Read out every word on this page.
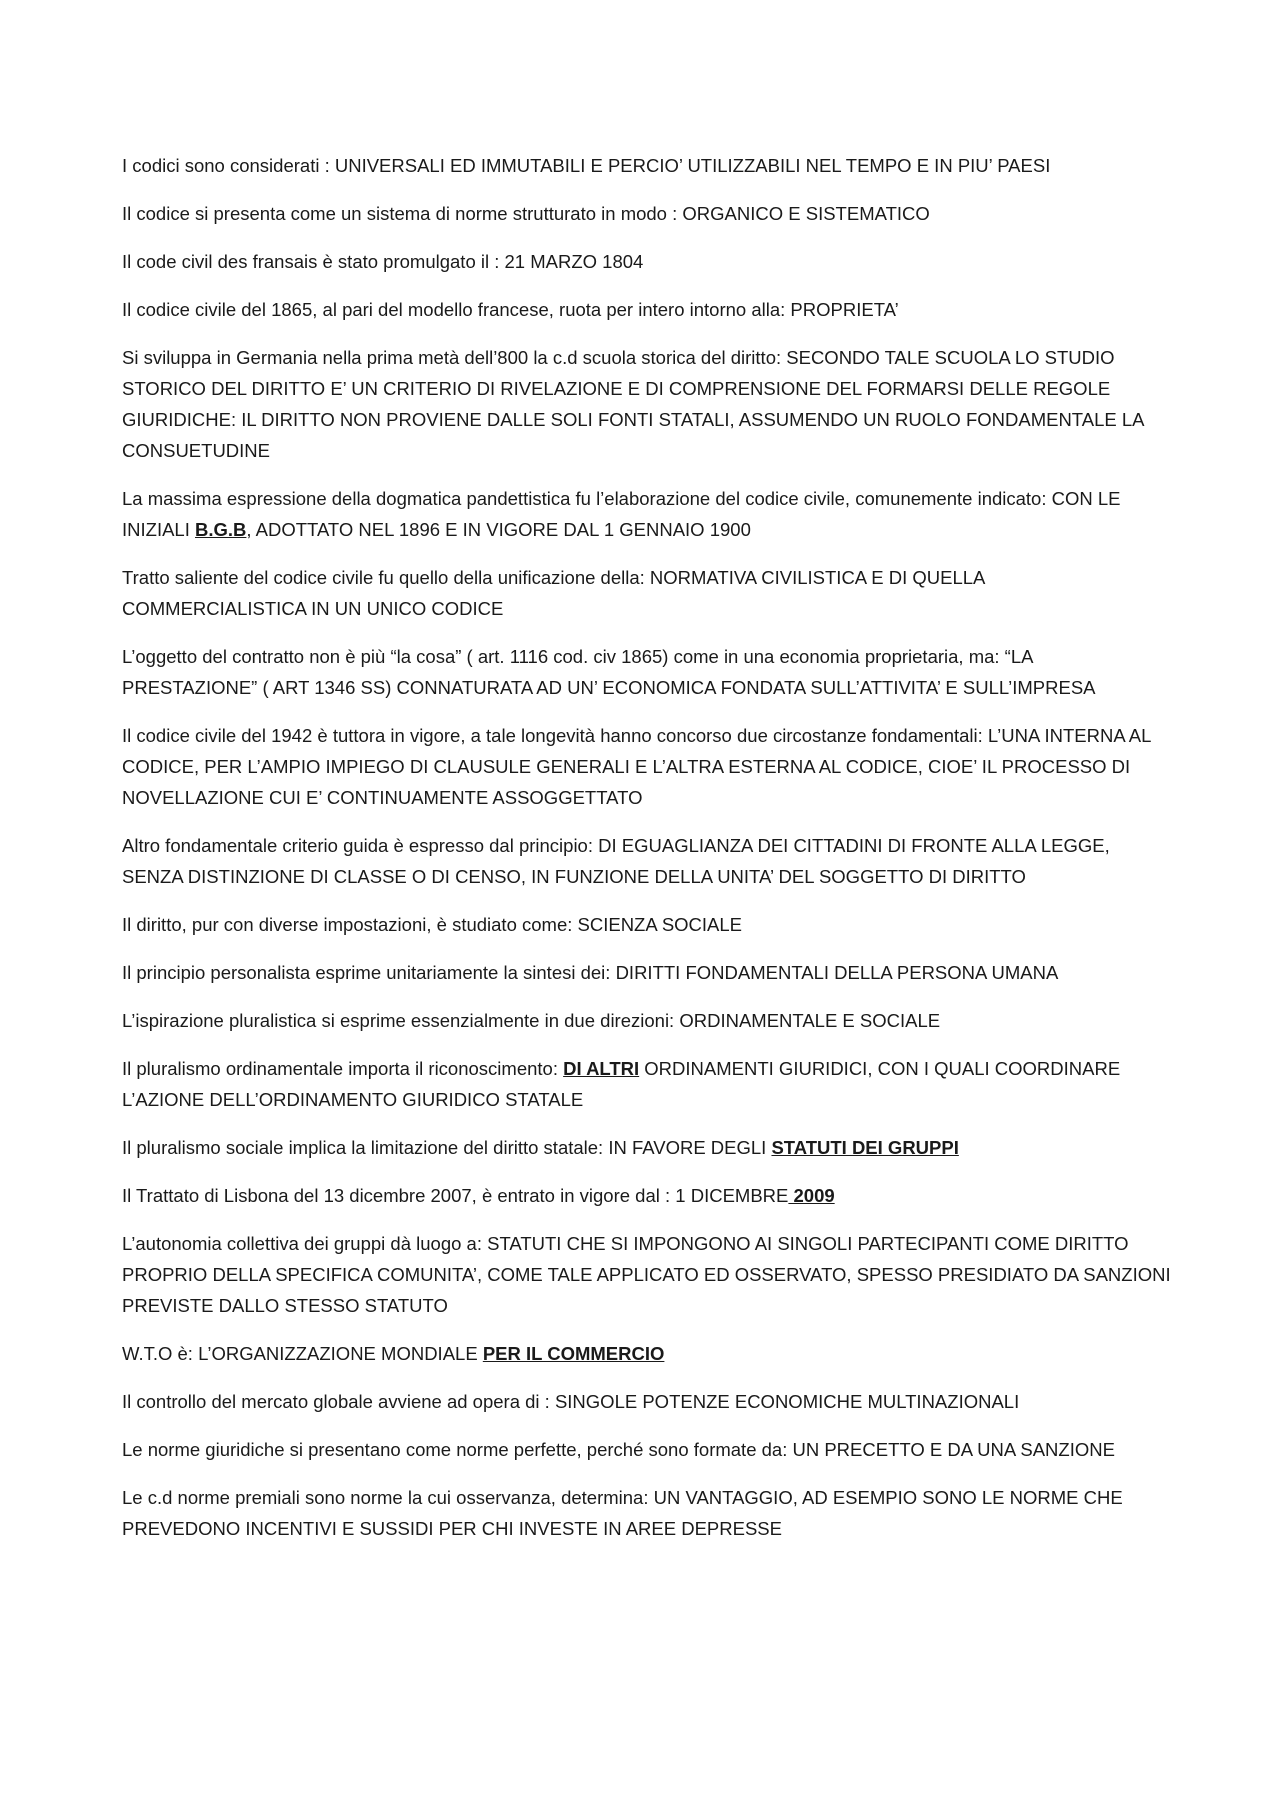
I codici sono considerati : UNIVERSALI ED IMMUTABILI E PERCIO’ UTILIZZABILI NEL TEMPO E IN PIU’ PAESI

Il codice si presenta come un sistema di norme strutturato in modo : ORGANICO E SISTEMATICO

Il code civil des fransais è stato promulgato il : 21 MARZO 1804

Il codice civile del 1865, al pari del modello francese, ruota per intero intorno alla: PROPRIETA’

Si sviluppa in Germania nella prima metà dell’800 la c.d scuola storica del diritto: SECONDO TALE SCUOLA LO STUDIO STORICO DEL DIRITTO E’ UN CRITERIO DI RIVELAZIONE E DI COMPRENSIONE DEL FORMARSI DELLE REGOLE GIURIDICHE: IL DIRITTO NON PROVIENE DALLE SOLI FONTI STATALI, ASSUMENDO UN RUOLO FONDAMENTALE LA CONSUETUDINE

La massima espressione della dogmatica pandettistica fu l’elaborazione del codice civile, comunemente indicato: CON LE INIZIALI B.G.B, ADOTTATO NEL 1896 E IN VIGORE DAL 1 GENNAIO 1900

Tratto saliente del codice civile fu quello della unificazione della: NORMATIVA CIVILISTICA E DI QUELLA COMMERCIALISTICA IN UN UNICO CODICE

L’oggetto del contratto non è più “la cosa” ( art. 1116 cod. civ 1865) come in una economia proprietaria, ma: “LA PRESTAZIONE” ( ART 1346 SS) CONNATURATA AD UN’ ECONOMICA FONDATA SULL’ATTIVITA’ E SULL’IMPRESA

Il codice civile del 1942 è tuttora in vigore, a tale longevità hanno concorso due circostanze fondamentali: L’UNA INTERNA AL CODICE, PER L’AMPIO IMPIEGO DI CLAUSULE GENERALI E L’ALTRA ESTERNA AL CODICE, CIOE’ IL PROCESSO DI NOVELLAZIONE CUI E’ CONTINUAMENTE ASSOGGETTATO

Altro fondamentale criterio guida è espresso dal principio: DI EGUAGLIANZA DEI CITTADINI DI FRONTE ALLA LEGGE, SENZA DISTINZIONE DI CLASSE O DI CENSO, IN FUNZIONE DELLA UNITA’ DEL SOGGETTO DI DIRITTO

Il diritto, pur con diverse impostazioni, è studiato come: SCIENZA SOCIALE

Il principio personalista esprime unitariamente la sintesi dei: DIRITTI FONDAMENTALI DELLA PERSONA UMANA

L’ispirazione pluralistica si esprime essenzialmente in due direzioni: ORDINAMENTALE E SOCIALE

Il pluralismo ordinamentale importa il riconoscimento: DI ALTRI ORDINAMENTI GIURIDICI, CON I QUALI COORDINARE L’AZIONE DELL’ORDINAMENTO GIURIDICO STATALE

Il pluralismo sociale implica la limitazione del diritto statale: IN FAVORE DEGLI STATUTI DEI GRUPPI

Il Trattato di Lisbona del 13 dicembre 2007, è entrato in vigore dal : 1 DICEMBRE 2009

L’autonomia collettiva dei gruppi dà luogo a: STATUTI CHE SI IMPONGONO AI SINGOLI PARTECIPANTI COME DIRITTO PROPRIO DELLA SPECIFICA COMUNITA’, COME TALE APPLICATO ED OSSERVATO, SPESSO PRESIDIATO DA SANZIONI PREVISTE DALLO STESSO STATUTO

W.T.O è: L’ORGANIZZAZIONE MONDIALE PER IL COMMERCIO

Il controllo del mercato globale avviene ad opera di : SINGOLE POTENZE ECONOMICHE MULTINAZIONALI

Le norme giuridiche si presentano come norme perfette, perché sono formate da: UN PRECETTO E DA UNA SANZIONE

Le c.d norme premiali sono norme la cui osservanza, determina: UN VANTAGGIO, AD ESEMPIO SONO LE NORME CHE PREVEDONO INCENTIVI E SUSSIDI PER CHI INVESTE IN AREE DEPRESSE
